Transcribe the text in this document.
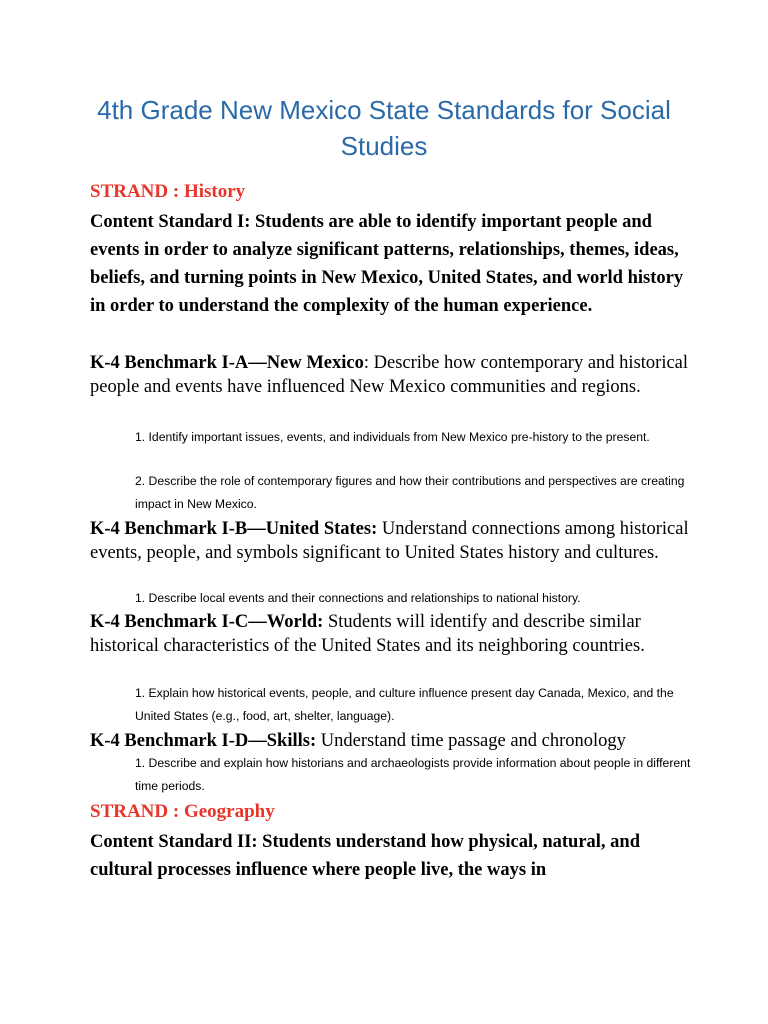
4th Grade New Mexico State Standards for Social Studies
STRAND : History
Content Standard I: Students are able to identify important people and events in order to analyze significant patterns, relationships, themes, ideas, beliefs, and turning points in New Mexico, United States, and world history in order to understand the complexity of the human experience.
K-4 Benchmark I-A—New Mexico: Describe how contemporary and historical people and events have influenced New Mexico communities and regions.
1. Identify important issues, events, and individuals from New Mexico pre-history to the present.
2. Describe the role of contemporary figures and how their contributions and perspectives are creating impact in New Mexico.
K-4 Benchmark I-B—United States: Understand connections among historical events, people, and symbols significant to United States history and cultures.
1. Describe local events and their connections and relationships to national history.
K-4 Benchmark I-C—World: Students will identify and describe similar historical characteristics of the United States and its neighboring countries.
1. Explain how historical events, people, and culture influence present day Canada, Mexico, and the United States (e.g., food, art, shelter, language).
K-4 Benchmark I-D—Skills: Understand time passage and chronology
1. Describe and explain how historians and archaeologists provide information about people in different time periods.
STRAND : Geography
Content Standard II: Students understand how physical, natural, and cultural processes influence where people live, the ways in
